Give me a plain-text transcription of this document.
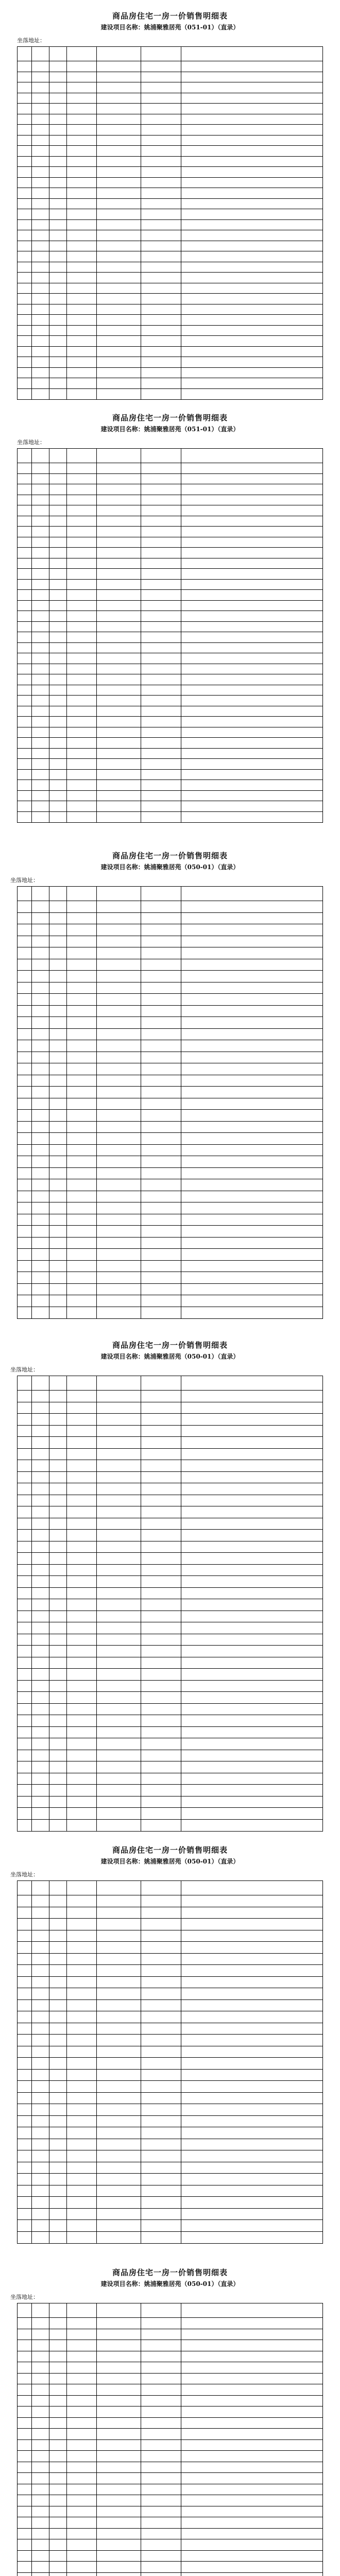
商品房住宅一房一价销售明细表
建设项目名称：姚浦聚雅居苑（051-01）（直录）
坐落地址：
商品房住宅一房一价销售明细表
建设项目名称：姚浦聚雅居苑（051-01）（直录）
坐落地址：
商品房住宅一房一价销售明细表
建设项目名称：姚浦聚雅居苑（050-01）（直录）
坐落地址：
商品房住宅一房一价销售明细表
建设项目名称：姚浦聚雅居苑（050-01）（直录）
坐落地址：
商品房住宅一房一价销售明细表
建设项目名称：姚浦聚雅居苑（050-01）（直录）
坐落地址：
商品房住宅一房一价销售明细表
建设项目名称：姚浦聚雅居苑（050-01）（直录）
坐落地址：
